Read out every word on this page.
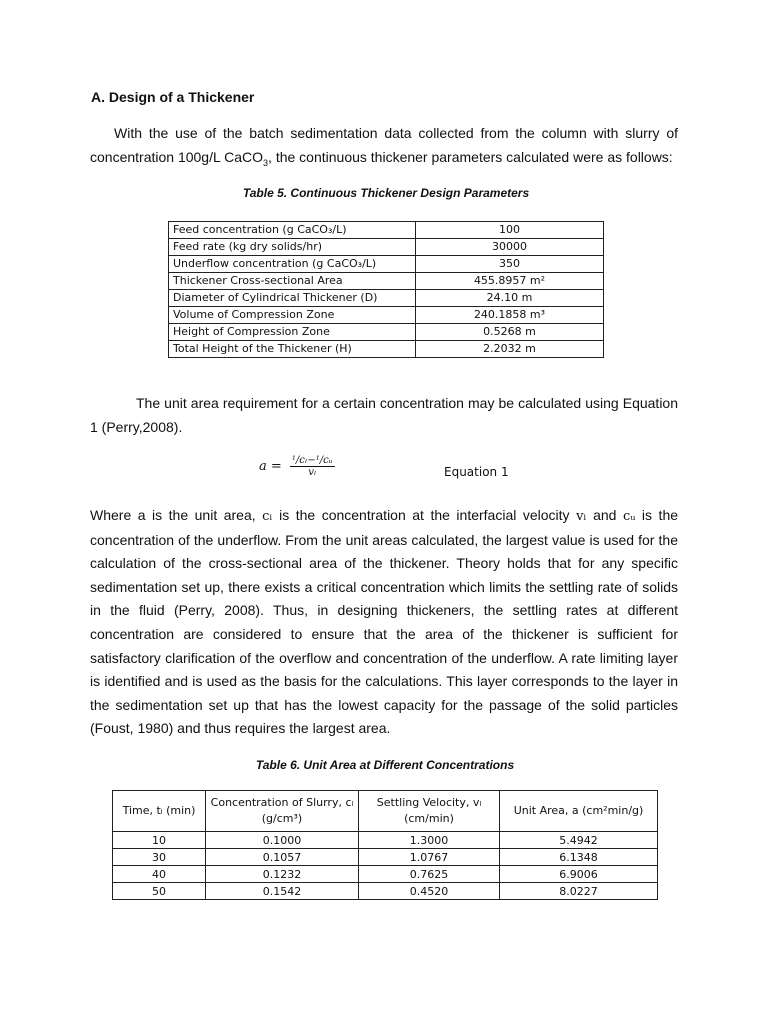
A. Design of a Thickener
With the use of the batch sedimentation data collected from the column with slurry of concentration 100g/L CaCO$_3$, the continuous thickener parameters calculated were as follows:
Table 5. Continuous Thickener Design Parameters
Feed concentration (g CaCO₃/L)	100
Feed rate (kg dry solids/hr)	30000
Underflow concentration (g CaCO₃/L)	350
Thickener Cross-sectional Area	455.8957 m²
Diameter of Cylindrical Thickener (D)	24.10 m
Volume of Compression Zone	240.1858 m³
Height of Compression Zone	0.5268 m
Total Height of the Thickener (H)	2.2032 m
The unit area requirement for a certain concentration may be calculated using Equation 1 (Perry,2008).
$a = \frac{\text{¹/cₗ−¹/cᵤ}}{\text{vₗ}}$	Equation 1
Where a is the unit area, cₗ is the concentration at the interfacial velocity vₗ and cᵤ is the concentration of the underflow. From the unit areas calculated, the largest value is used for the calculation of the cross-sectional area of the thickener. Theory holds that for any specific sedimentation set up, there exists a critical concentration which limits the settling rate of solids in the fluid (Perry, 2008). Thus, in designing thickeners, the settling rates at different concentration are considered to ensure that the area of the thickener is sufficient for satisfactory clarification of the overflow and concentration of the underflow. A rate limiting layer is identified and is used as the basis for the calculations. This layer corresponds to the layer in the sedimentation set up that has the lowest capacity for the passage of the solid particles (Foust, 1980) and thus requires the largest area.
Table 6. Unit Area at Different Concentrations
Time, tₗ (min)	Concentration of Slurry, cₗ (g/cm³)	Settling Velocity, vₗ (cm/min)	Unit Area, a (cm²min/g)
10	0.1000	1.3000	5.4942
30	0.1057	1.0767	6.1348
40	0.1232	0.7625	6.9006
50	0.1542	0.4520	8.0227
